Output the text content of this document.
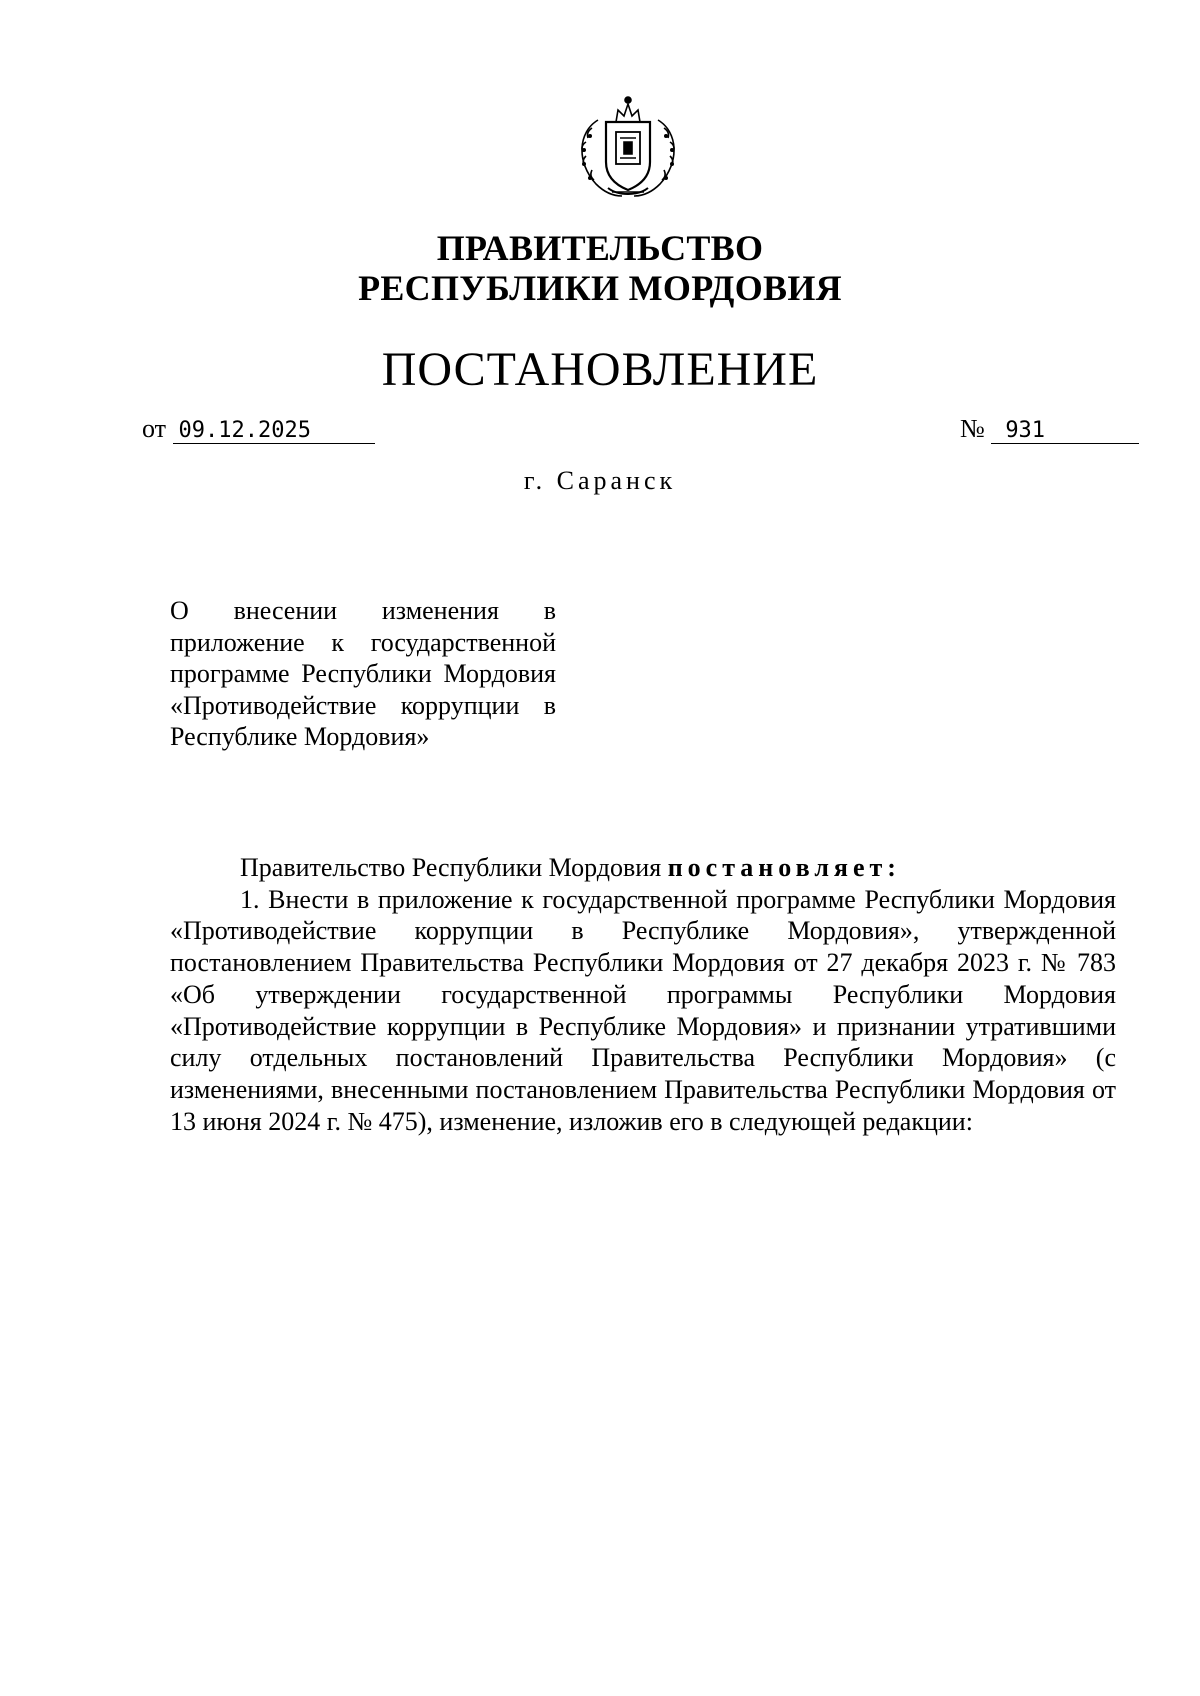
ПРАВИТЕЛЬСТВО
РЕСПУБЛИКИ МОРДОВИЯ
ПОСТАНОВЛЕНИЕ
от 09.12.2025	№ 931
г. Саранск
О внесении изменения в приложение к государственной программе Республики Мордовия «Противодействие коррупции в Республике Мордовия»

Правительство Республики Мордовия постановляет:

1. Внести в приложение к государственной программе Республики Мордовия «Противодействие коррупции в Республике Мордовия», утвержденной постановлением Правительства Республики Мордовия от 27 декабря 2023 г. № 783 «Об утверждении государственной программы Республики Мордовия «Противодействие коррупции в Республике Мордовия» и признании утратившими силу отдельных постановлений Правительства Республики Мордовия» (с изменениями, внесенными постановлением Правительства Республики Мордовия от 13 июня 2024 г. № 475), изменение, изложив его в следующей редакции:
